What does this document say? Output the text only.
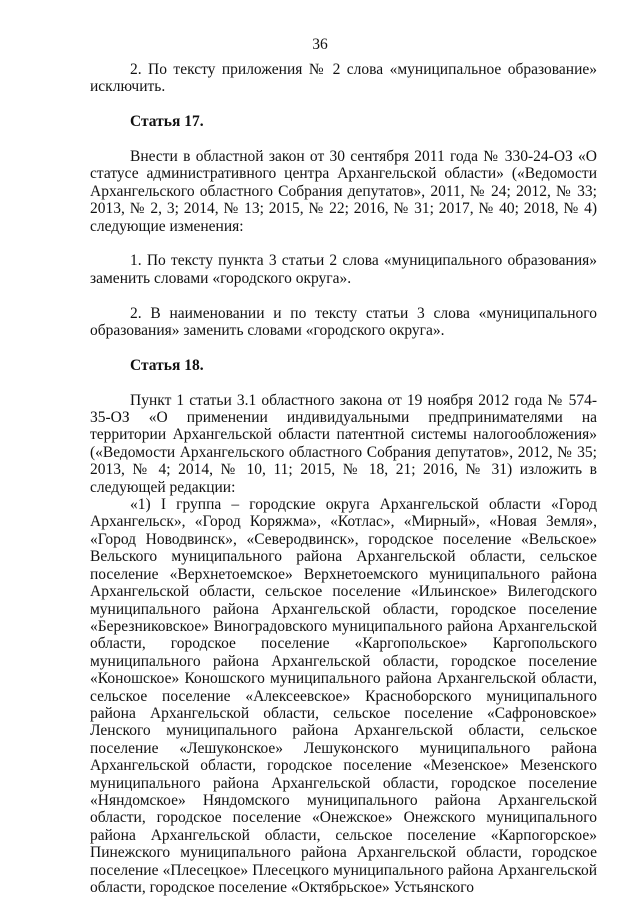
36

2. По тексту приложения № 2 слова «муниципальное образование» исключить.

Статья 17.

Внести в областной закон от 30 сентября 2011 года № 330-24-ОЗ «О статусе административного центра Архангельской области» («Ведомости Архангельского областного Собрания депутатов», 2011, № 24; 2012, № 33; 2013, № 2, 3; 2014, № 13; 2015, № 22; 2016, № 31; 2017, № 40; 2018, № 4) следующие изменения:

1. По тексту пункта 3 статьи 2 слова «муниципального образования» заменить словами «городского округа».

2. В наименовании и по тексту статьи 3 слова «муниципального образования» заменить словами «городского округа».

Статья 18.

Пункт 1 статьи 3.1 областного закона от 19 ноября 2012 года № 574-35-ОЗ «О применении индивидуальными предпринимателями на территории Архангельской области патентной системы налогообложения» («Ведомости Архангельского областного Собрания депутатов», 2012, № 35; 2013, № 4; 2014, № 10, 11; 2015, № 18, 21; 2016, № 31) изложить в следующей редакции:

«1) I группа – городские округа Архангельской области «Город Архангельск», «Город Коряжма», «Котлас», «Мирный», «Новая Земля», «Город Новодвинск», «Северодвинск», городское поселение «Вельское» Вельского муниципального района Архангельской области, сельское поселение «Верхнетоемское» Верхнетоемского муниципального района Архангельской области, сельское поселение «Ильинское» Вилегодского муниципального района Архангельской области, городское поселение «Березниковское» Виноградовского муниципального района Архангельской области, городское поселение «Каргопольское» Каргопольского муниципального района Архангельской области, городское поселение «Коношское» Коношского муниципального района Архангельской области, сельское поселение «Алексеевское» Красноборского муниципального района Архангельской области, сельское поселение «Сафроновское» Ленского муниципального района Архангельской области, сельское поселение «Лешуконское» Лешуконского муниципального района Архангельской области, городское поселение «Мезенское» Мезенского муниципального района Архангельской области, городское поселение «Няндомское» Няндомского муниципального района Архангельской области, городское поселение «Онежское» Онежского муниципального района Архангельской области, сельское поселение «Карпогорское» Пинежского муниципального района Архангельской области, городское поселение «Плесецкое» Плесецкого муниципального района Архангельской области, городское поселение «Октябрьское» Устьянского
